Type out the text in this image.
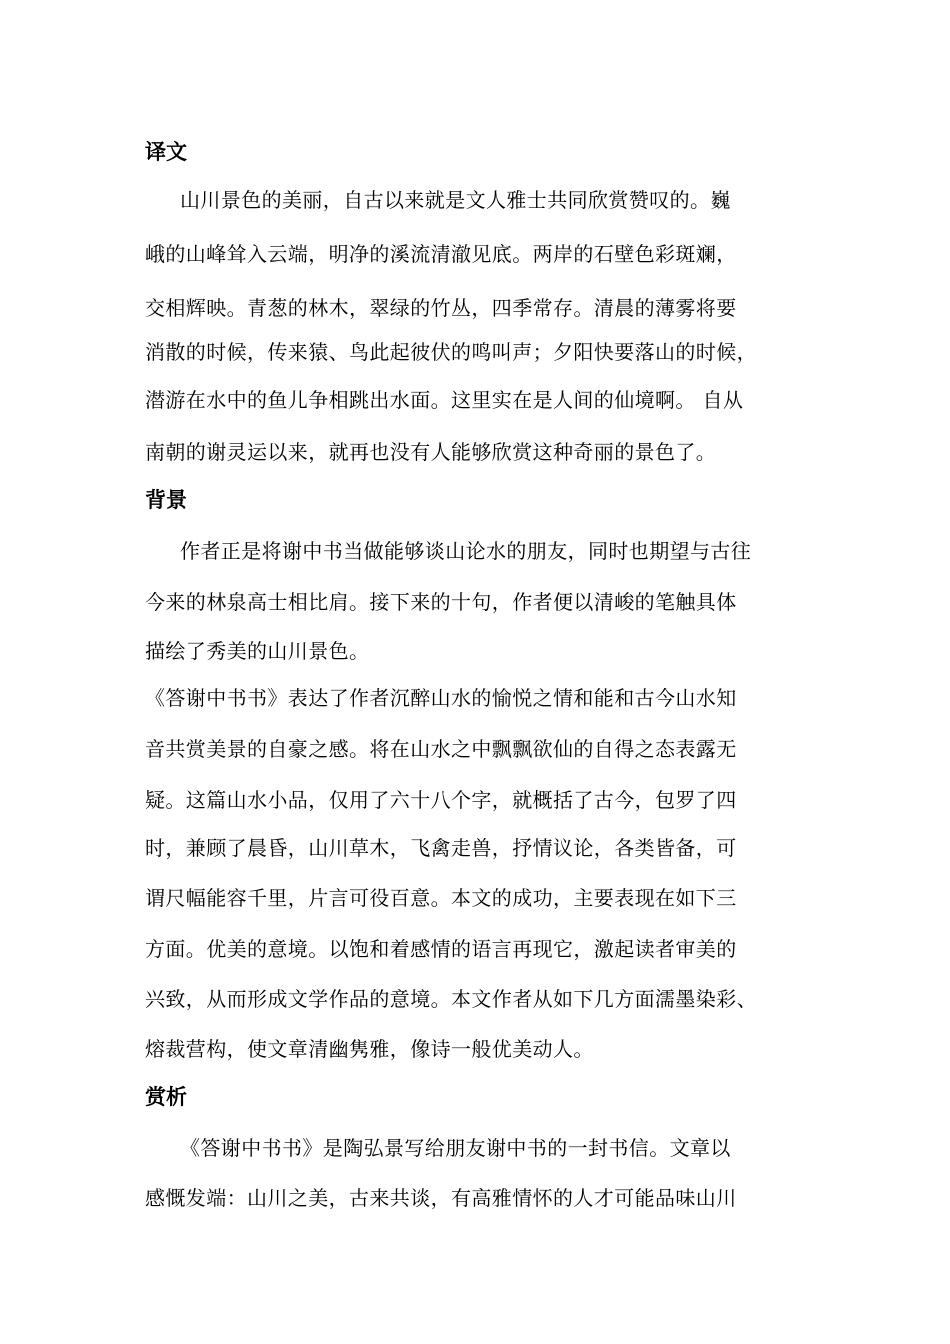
译文
山川景色的美丽，自古以来就是文人雅士共同欣赏赞叹的。巍
峨的山峰耸入云端，明净的溪流清澈见底。两岸的石壁色彩斑斓，
交相辉映。青葱的林木，翠绿的竹丛，四季常存。清晨的薄雾将要
消散的时候，传来猿、鸟此起彼伏的鸣叫声；夕阳快要落山的时候，
潜游在水中的鱼儿争相跳出水面。这里实在是人间的仙境啊。 自从
南朝的谢灵运以来，就再也没有人能够欣赏这种奇丽的景色了。
背景
作者正是将谢中书当做能够谈山论水的朋友，同时也期望与古往
今来的林泉高士相比肩。接下来的十句，作者便以清峻的笔触具体
描绘了秀美的山川景色。
《答谢中书书》表达了作者沉醉山水的愉悦之情和能和古今山水知
音共赏美景的自豪之感。将在山水之中飘飘欲仙的自得之态表露无
疑。这篇山水小品，仅用了六十八个字，就概括了古今，包罗了四
时，兼顾了晨昏，山川草木，飞禽走兽，抒情议论，各类皆备，可
谓尺幅能容千里，片言可役百意。本文的成功，主要表现在如下三
方面。优美的意境。以饱和着感情的语言再现它，激起读者审美的
兴致，从而形成文学作品的意境。本文作者从如下几方面濡墨染彩、
熔裁营构，使文章清幽隽雅，像诗一般优美动人。
赏析
《答谢中书书》是陶弘景写给朋友谢中书的一封书信。文章以
感慨发端：山川之美，古来共谈，有高雅情怀的人才可能品味山川
